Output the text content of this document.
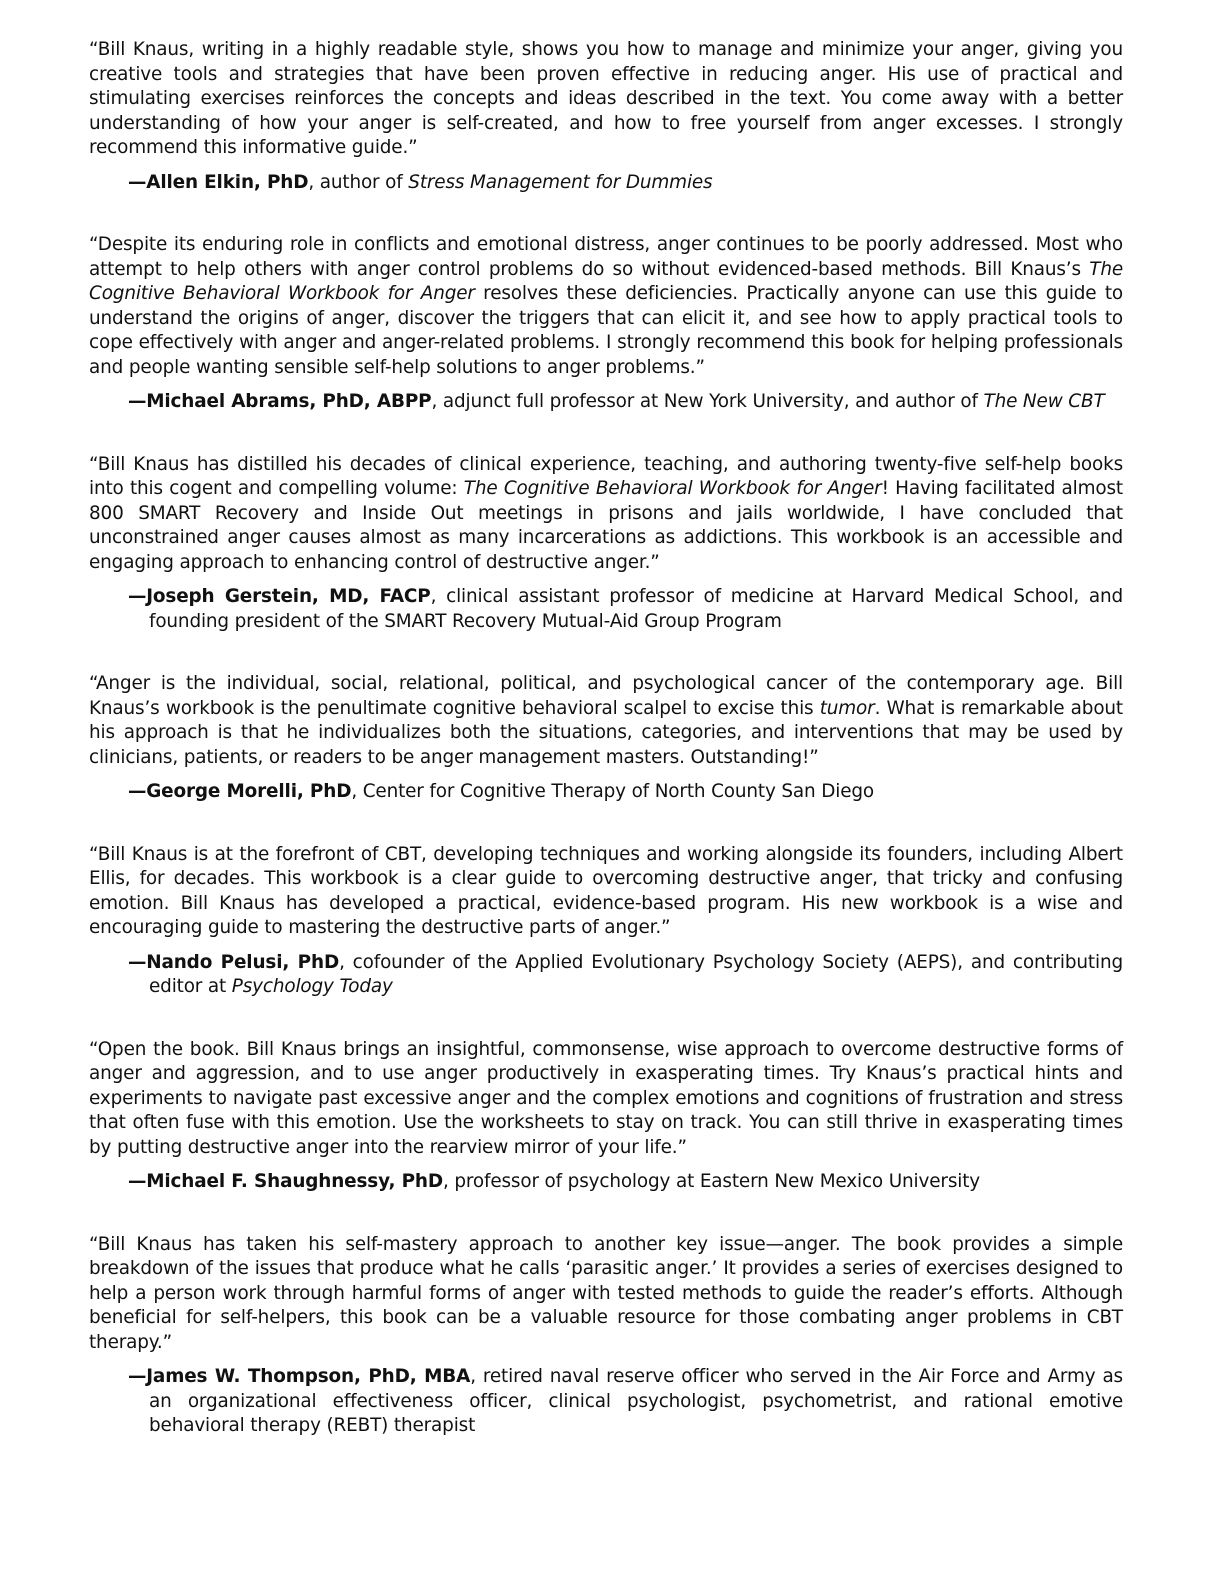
“Bill Knaus, writing in a highly readable style, shows you how to manage and minimize your anger, giving you creative tools and strategies that have been proven effective in reducing anger. His use of practical and stimulating exercises reinforces the concepts and ideas described in the text. You come away with a better understanding of how your anger is self-created, and how to free yourself from anger excesses. I strongly recommend this informative guide.”

—Allen Elkin, PhD, author of Stress Management for Dummies

“Despite its enduring role in conflicts and emotional distress, anger continues to be poorly addressed. Most who attempt to help others with anger control problems do so without evidenced-based methods. Bill Knaus’s The Cognitive Behavioral Workbook for Anger resolves these deficiencies. Practically anyone can use this guide to understand the origins of anger, discover the triggers that can elicit it, and see how to apply practical tools to cope effectively with anger and anger-related problems. I strongly recommend this book for helping professionals and people wanting sensible self-help solutions to anger problems.”

—Michael Abrams, PhD, ABPP, adjunct full professor at New York University, and author of The New CBT

“Bill Knaus has distilled his decades of clinical experience, teaching, and authoring twenty-five self-help books into this cogent and compelling volume: The Cognitive Behavioral Workbook for Anger! Having facilitated almost 800 SMART Recovery and Inside Out meetings in prisons and jails worldwide, I have concluded that unconstrained anger causes almost as many incarcerations as addictions. This workbook is an accessible and engaging approach to enhancing control of destructive anger.”

—Joseph Gerstein, MD, FACP, clinical assistant professor of medicine at Harvard Medical School, and founding president of the SMART Recovery Mutual-Aid Group Program

“Anger is the individual, social, relational, political, and psychological cancer of the contemporary age. Bill Knaus’s workbook is the penultimate cognitive behavioral scalpel to excise this tumor. What is remarkable about his approach is that he individualizes both the situations, categories, and interventions that may be used by clinicians, patients, or readers to be anger management masters. Outstanding!”

—George Morelli, PhD, Center for Cognitive Therapy of North County San Diego

“Bill Knaus is at the forefront of CBT, developing techniques and working alongside its founders, including Albert Ellis, for decades. This workbook is a clear guide to overcoming destructive anger, that tricky and confusing emotion. Bill Knaus has developed a practical, evidence-based program. His new workbook is a wise and encouraging guide to mastering the destructive parts of anger.”

—Nando Pelusi, PhD, cofounder of the Applied Evolutionary Psychology Society (AEPS), and contributing editor at Psychology Today

“Open the book. Bill Knaus brings an insightful, commonsense, wise approach to overcome destructive forms of anger and aggression, and to use anger productively in exasperating times. Try Knaus’s practical hints and experiments to navigate past excessive anger and the complex emotions and cognitions of frustration and stress that often fuse with this emotion. Use the worksheets to stay on track. You can still thrive in exasperating times by putting destructive anger into the rearview mirror of your life.”

—Michael F. Shaughnessy, PhD, professor of psychology at Eastern New Mexico University

“Bill Knaus has taken his self-mastery approach to another key issue—anger. The book provides a simple breakdown of the issues that produce what he calls ‘parasitic anger.’ It provides a series of exercises designed to help a person work through harmful forms of anger with tested methods to guide the reader’s efforts. Although beneficial for self-helpers, this book can be a valuable resource for those combating anger problems in CBT therapy.”

—James W. Thompson, PhD, MBA, retired naval reserve officer who served in the Air Force and Army as an organizational effectiveness officer, clinical psychologist, psychometrist, and rational emotive behavioral therapy (REBT) therapist
